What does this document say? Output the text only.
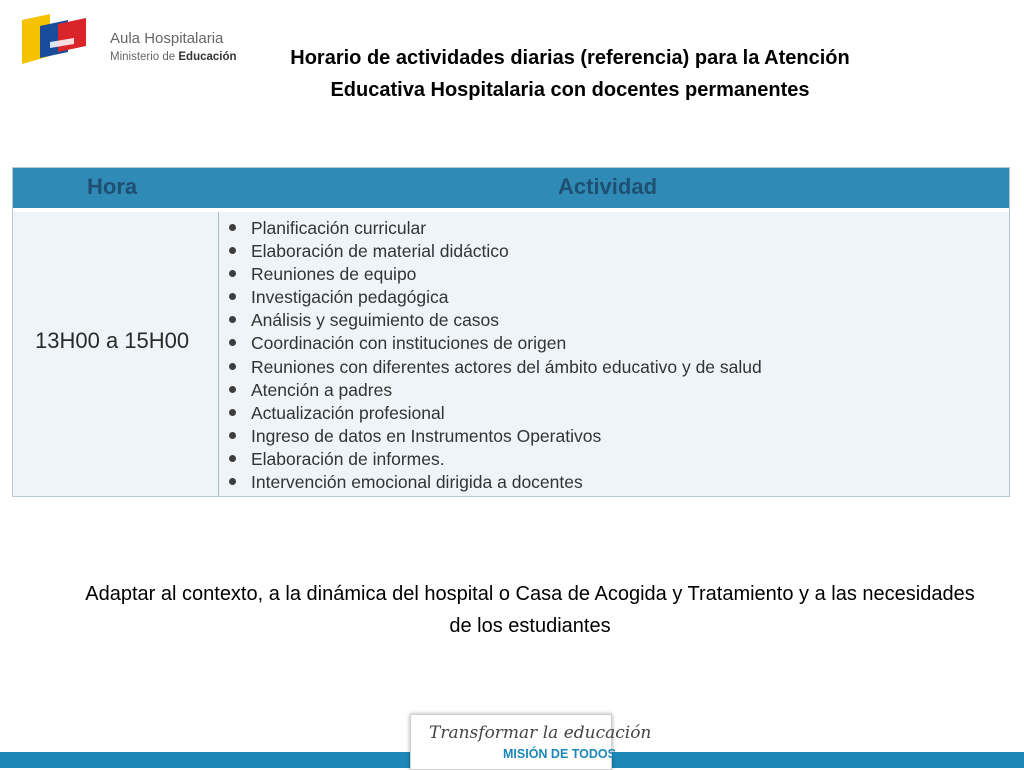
Aula Hospitalaria
Ministerio de Educación	Horario de actividades diarias (referencia) para la Atención Educativa Hospitalaria con docentes permanentes
Hora	Actividad
13H00 a 15H00
Planificación curricular
Elaboración de material didáctico
Reuniones de equipo
Investigación pedagógica
Análisis y seguimiento de casos
Coordinación con instituciones de origen
Reuniones con diferentes actores del ámbito educativo y de salud
Atención a padres
Actualización profesional
Ingreso de datos en Instrumentos Operativos
Elaboración de informes.
Intervención emocional dirigida a docentes
Adaptar al contexto, a la dinámica del hospital o Casa de Acogida y Tratamiento y a las necesidades de los estudiantes
Transformar la educación
MISIÓN DE TODOS
